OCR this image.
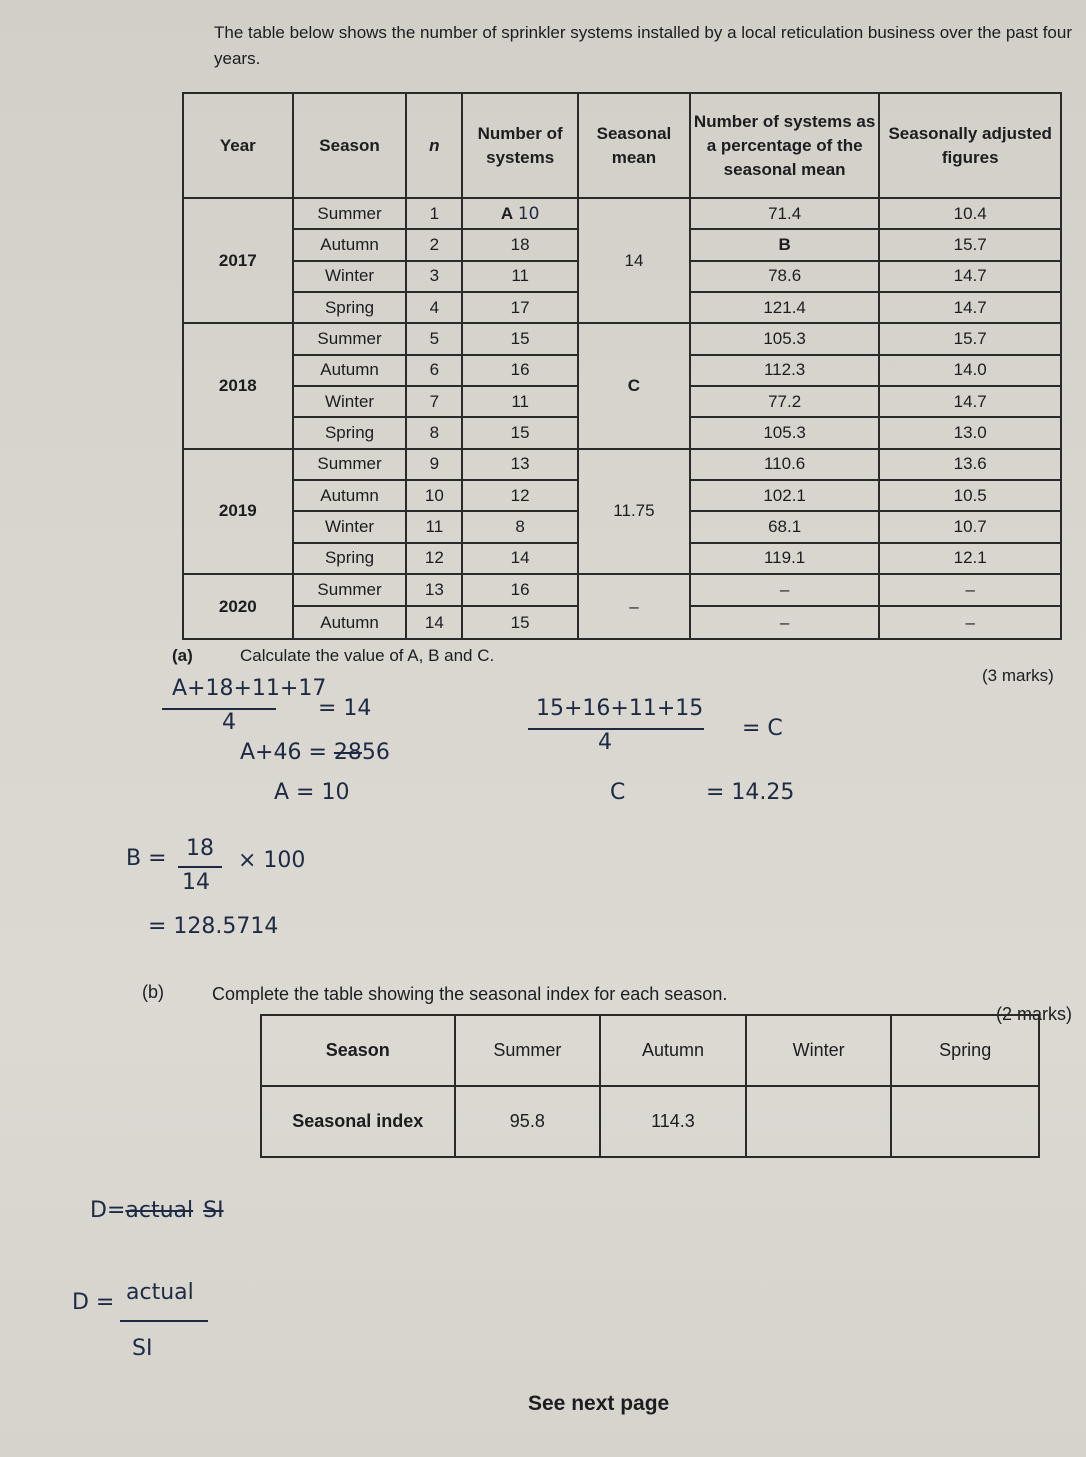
The table below shows the number of sprinkler systems installed by a local reticulation business over the past four years.
Year	Season	n	Number of systems	Seasonal mean	Number of systems as a percentage of the seasonal mean	Seasonally adjusted figures
2017	Summer	1	A 10	14	71.4	10.4
	Autumn	2	18		B	15.7
	Winter	3	11		78.6	14.7
	Spring	4	17		121.4	14.7
2018	Summer	5	15	C	105.3	15.7
	Autumn	6	16		112.3	14.0
	Winter	7	11		77.2	14.7
	Spring	8	15		105.3	13.0
2019	Summer	9	13	11.75	110.6	13.6
	Autumn	10	12		102.1	10.5
	Winter	11	8		68.1	10.7
	Spring	12	14		119.1	12.1
2020	Summer	13	16	–	–	–
	Autumn	14	15		–	–
(a)	Calculate the value of A, B and C.
(3 marks)
A+18+11+17
4
= 14
A+46 = 2856
A = 10
15+16+11+15
4
= C
C	= 14.25
B = 18
14
× 100
= 128.5714
(b)	Complete the table showing the seasonal index for each season.
(2 marks)
Season	Summer	Autumn	Winter	Spring
Seasonal index	95.8	114.3		
D=actual SI
D = actual
SI
See next page
